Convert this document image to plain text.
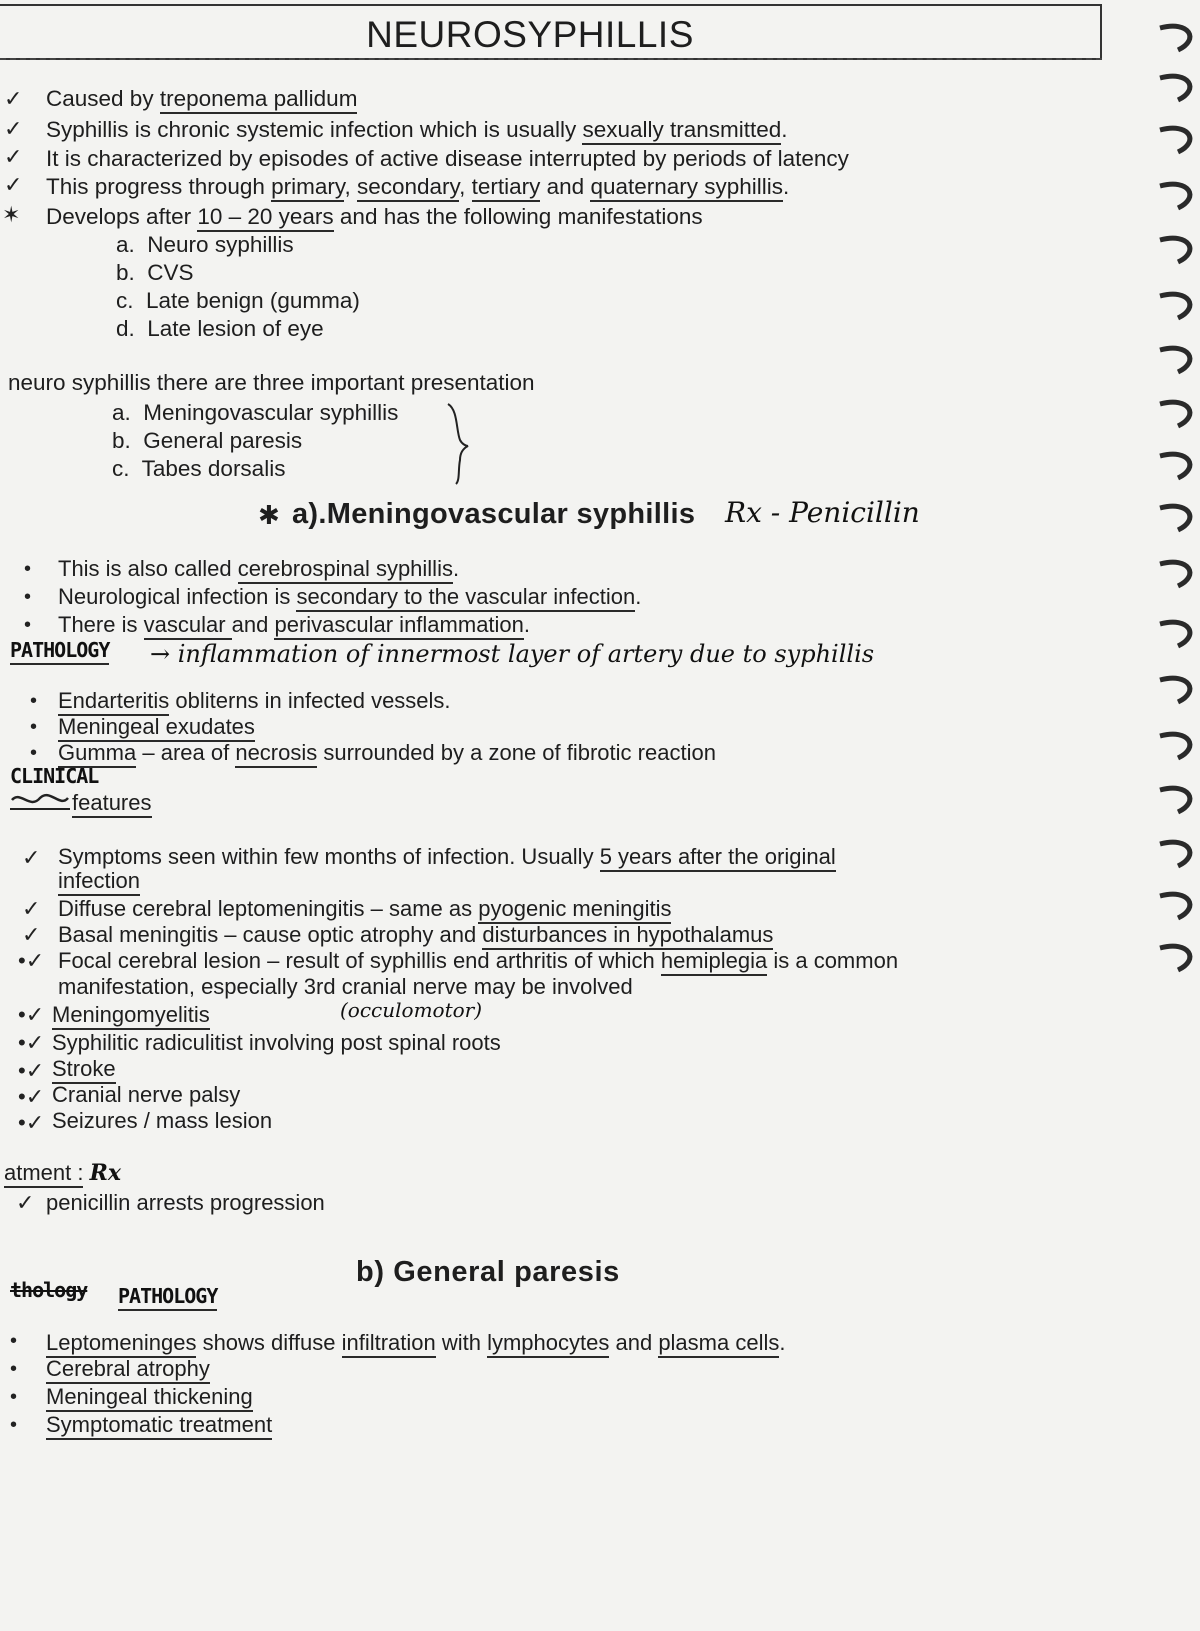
NEUROSYPHILLIS
✓ Caused by treponema pallidum
✓ Syphillis is chronic systemic infection which is usually sexually transmitted.
✓ It is characterized by episodes of active disease interrupted by periods of latency
✓ This progress through primary, secondary, tertiary and quaternary syphillis.
✶ Develops after 10 – 20 years and has the following manifestations
a. Neuro syphillis
b. CVS
c. Late benign (gumma)
d. Late lesion of eye
neuro syphillis there are three important presentation
a. Meningovascular syphillis
b. General paresis
c. Tabes dorsalis
✱ a).Meningovascular syphillis Rx - Penicillin
• This is also called cerebrospinal syphillis.
• Neurological infection is secondary to the vascular infection.
• There is vascular and perivascular inflammation.
PATHOLOGY → inflammation of innermost layer of artery due to syphillis
• Endarteritis obliterns in infected vessels.
• Meningeal exudates
• Gumma – area of necrosis surrounded by a zone of fibrotic reaction
CLINICAL
features
✓ Symptoms seen within few months of infection. Usually 5 years after the original
infection
✓ Diffuse cerebral leptomeningitis – same as pyogenic meningitis
✓ Basal meningitis – cause optic atrophy and disturbances in hypothalamus
•✓ Focal cerebral lesion – result of syphillis end arthritis of which hemiplegia is a common
manifestation, especially 3rd cranial nerve may be involved
•✓ Meningomyelitis	(occulomotor)
•✓ Syphilitic radiculitist involving post spinal roots
•✓ Stroke
•✓ Cranial nerve palsy
•✓ Seizures / mass lesion
atment : Rx
✓ penicillin arrests progression
b) General paresis
thology PATHOLOGY
• Leptomeninges shows diffuse infiltration with lymphocytes and plasma cells.
• Cerebral atrophy
• Meningeal thickening
• Symptomatic treatment
